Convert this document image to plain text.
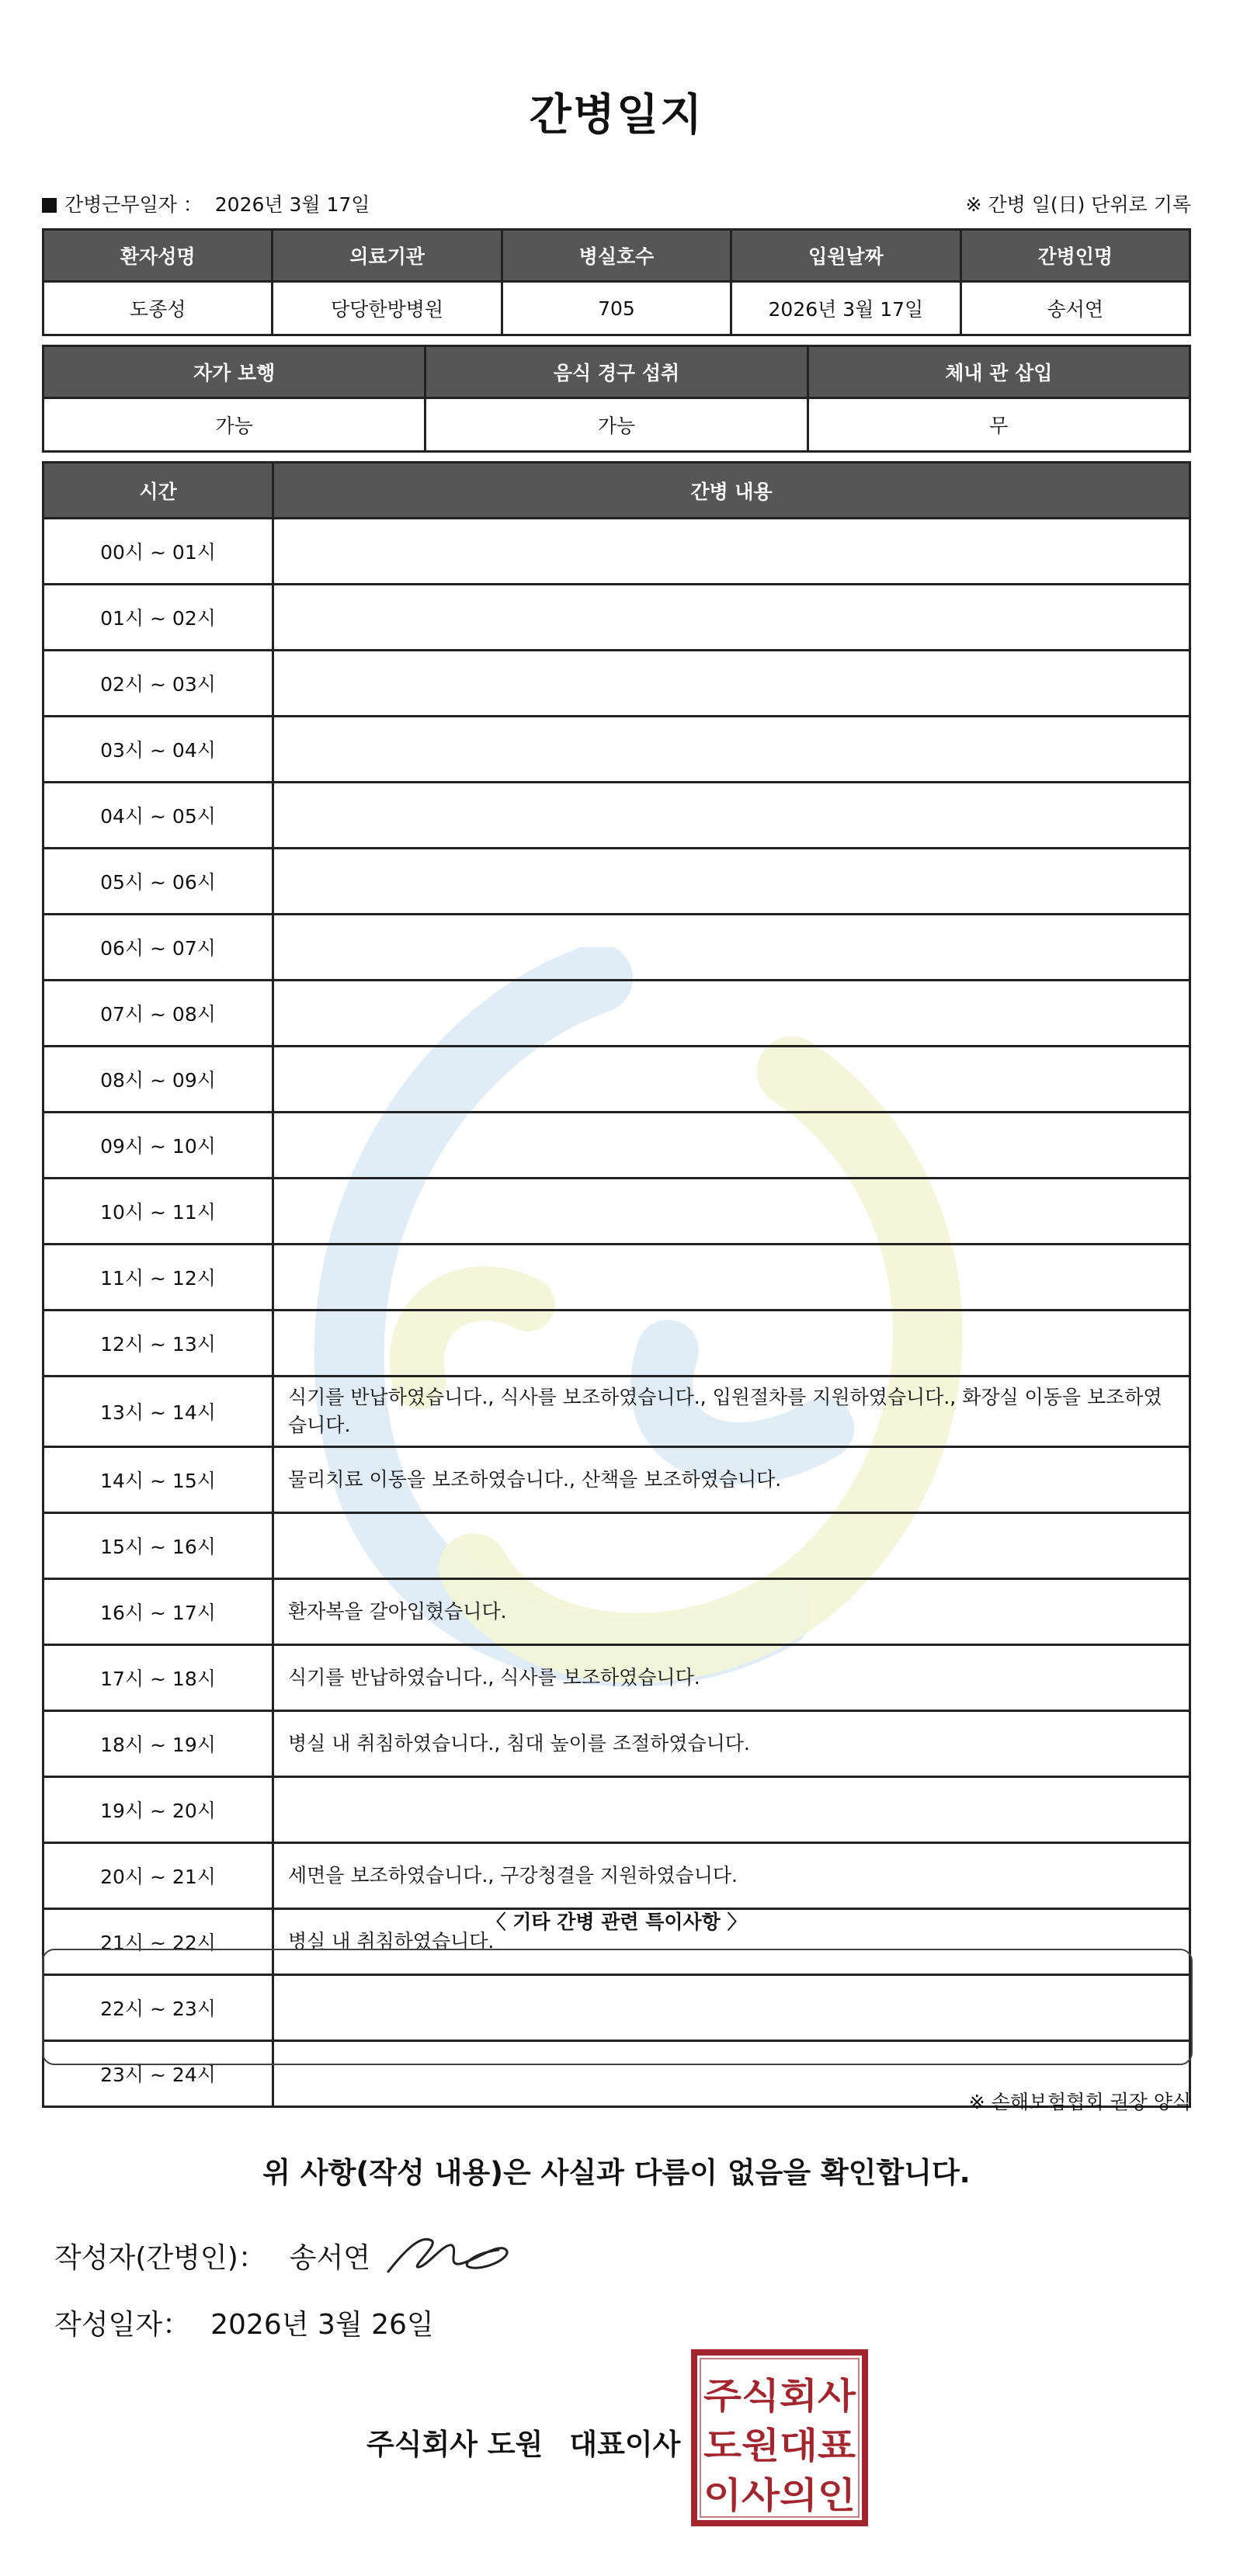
간병일지
간병근무일자 ： 2026년 3월 17일	※ 간병 일(日) 단위로 기록
환자성명	의료기관	병실호수	입원날짜	간병인명
도종성	당당한방병원	705	2026년 3월 17일	송서연
자가 보행	음식 경구 섭취	체내 관 삽입
가능	가능	무
시간	간병 내용
00시 ~ 01시	
01시 ~ 02시	
02시 ~ 03시	
03시 ~ 04시	
04시 ~ 05시	
05시 ~ 06시	
06시 ~ 07시	
07시 ~ 08시	
08시 ~ 09시	
09시 ~ 10시	
10시 ~ 11시	
11시 ~ 12시	
12시 ~ 13시	
13시 ~ 14시	식기를 반납하였습니다., 식사를 보조하였습니다., 입원절차를 지원하였습니다., 화장실 이동을 보조하였습니다.
14시 ~ 15시	물리치료 이동을 보조하였습니다., 산책을 보조하였습니다.
15시 ~ 16시	
16시 ~ 17시	환자복을 갈아입혔습니다.
17시 ~ 18시	식기를 반납하였습니다., 식사를 보조하였습니다.
18시 ~ 19시	병실 내 취침하였습니다., 침대 높이를 조절하였습니다.
19시 ~ 20시	
20시 ~ 21시	세면을 보조하였습니다., 구강청결을 지원하였습니다.
21시 ~ 22시	병실 내 취침하였습니다.
22시 ~ 23시	
23시 ~ 24시	
〈 기타 간병 관련 특이사항 〉
※ 손해보험협회 권장 양식
위 사항(작성 내용)은 사실과 다름이 없음을 확인합니다.
작성자(간병인)： 송서연
작성일자： 2026년 3월 26일
주식회사 도원 대표이사
주식회사
도원대표
이사의인
